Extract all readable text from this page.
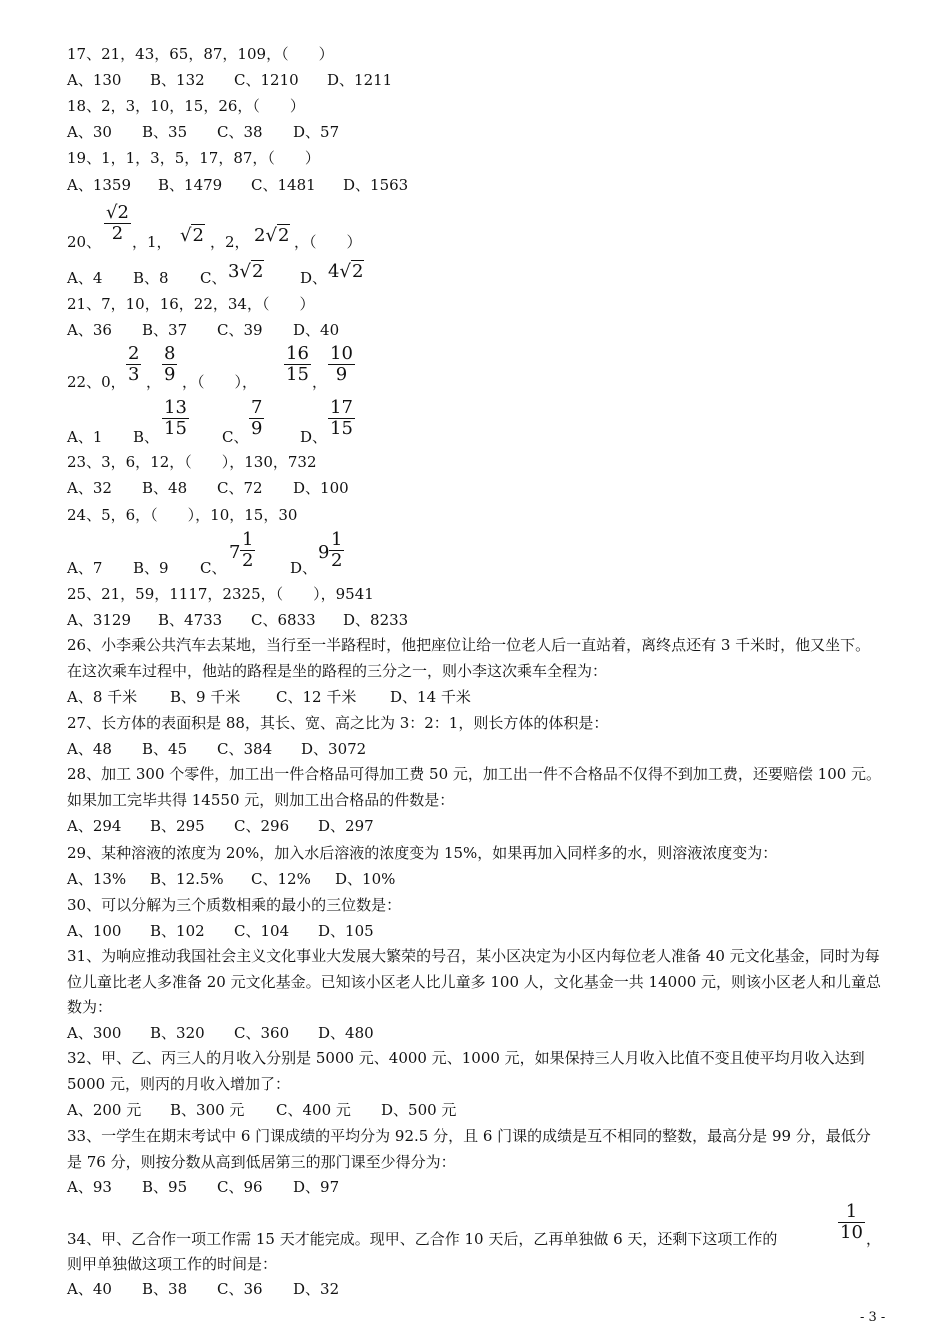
17、21，43，65，87，109，（　　）
A、130 B、132 C、1210 D、1211
18、2，3，10，15，26，（　　）
A、30 B、35 C、38 D、57
19、1，1，3，5，17，87，（　　）
A、1359 B、1479 C、1481 D、1563
20、
√2
2 ，1， √2 ，2， 2√2 ，（　　）
A、4 B、8 C、 3√2 D、 4√2
21、7，10，16，22，34，（　　）
A、36 B、37 C、39 D、40
22、0，
2
3 ，
8
9 ，（　　），
16
15 ，
10
9
A、1 B、
13
15 C、
7
9	D、
17
15
23、3，6，12，（　　），130，732
A、32 B、48 C、72 D、100
24、5，6，（　　），10，15，30
A、7 B、9 C、
7
1
2 D、
9
1
2
25、21，59，1117，2325，（　　），9541
A、3129 B、4733 C、6833 D、8233
26、小李乘公共汽车去某地，当行至一半路程时，他把座位让给一位老人后一直站着，离终点还有 3 千米时，他又坐下。在这次乘车过程中，他站的路程是坐的路程的三分之一，则小李这次乘车全程为：
A、8 千米 B、9 千米 C、12 千米 D、14 千米
27、长方体的表面积是 88，其长、宽、高之比为 3：2：1，则长方体的体积是：
A、48 B、45 C、384 D、3072
28、加工 300 个零件，加工出一件合格品可得加工费 50 元，加工出一件不合格品不仅得不到加工费，还要赔偿 100 元。如果加工完毕共得 14550 元，则加工出合格品的件数是：
A、294 B、295 C、296 D、297
29、某种溶液的浓度为 20%，加入水后溶液的浓度变为 15%，如果再加入同样多的水，则溶液浓度变为：
A、13% B、12.5% C、12% D、10%
30、可以分解为三个质数相乘的最小的三位数是：
A、100 B、102 C、104 D、105
31、为响应推动我国社会主义文化事业大发展大繁荣的号召，某小区决定为小区内每位老人准备 40 元文化基金，同时为每位儿童比老人多准备 20 元文化基金。已知该小区老人比儿童多 100 人，文化基金一共 14000 元，则该小区老人和儿童总数为：
A、300 B、320 C、360 D、480
32、甲、乙、丙三人的月收入分别是 5000 元、4000 元、1000 元，如果保持三人月收入比值不变且使平均月收入达到 5000 元，则丙的月收入增加了：
A、200 元 B、300 元 C、400 元 D、500 元
33、一学生在期末考试中 6 门课成绩的平均分为 92.5 分，且 6 门课的成绩是互不相同的整数，最高分是 99 分，最低分是 76 分，则按分数从高到低居第三的那门课至少得分为：
A、93 B、95 C、96 D、97
34、甲、乙合作一项工作需 15 天才能完成。现甲、乙合作 10 天后，乙再单独做 6 天，还剩下这项工作的
1
10 ，
则甲单独做这项工作的时间是：
A、40 B、38 C、36 D、32
- 3 -
